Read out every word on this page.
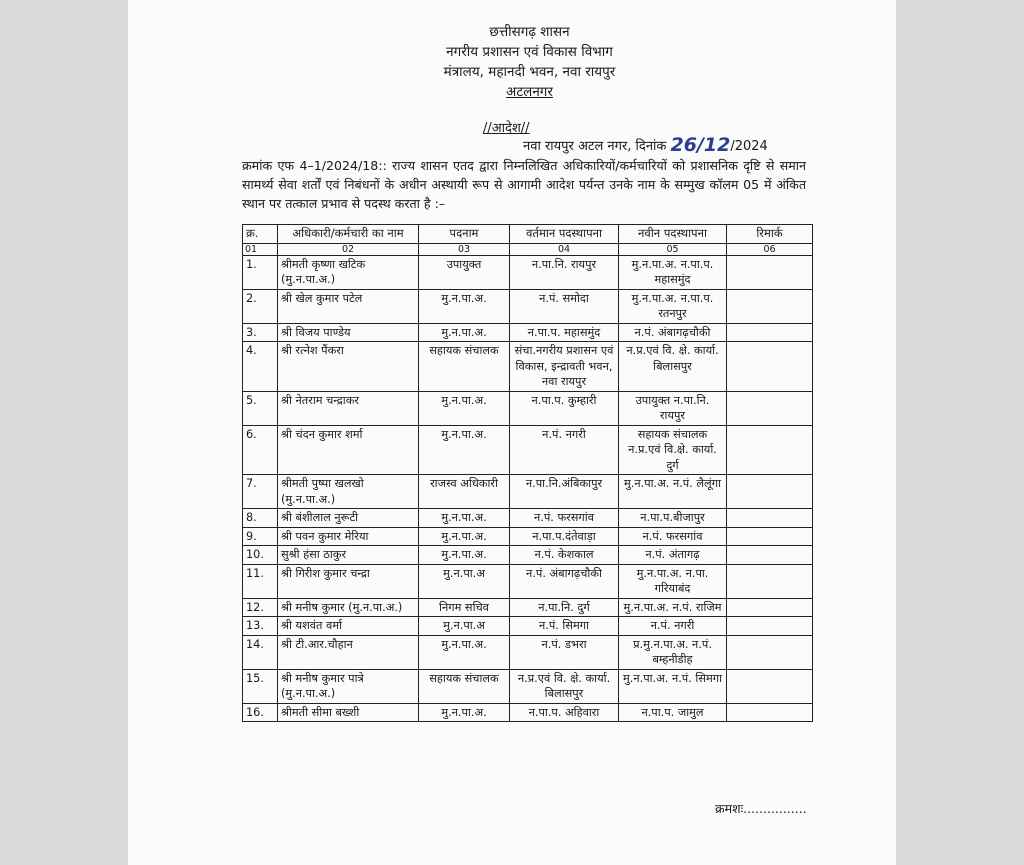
छत्तीसगढ़ शासन
नगरीय प्रशासन एवं विकास विभाग
मंत्रालय, महानदी भवन, नवा रायपुर
अटलनगर
//आदेश//
नवा रायपुर अटल नगर, दिनांक 26/12/2024
क्रमांक एफ 4–1/2024/18:: राज्य शासन एतद द्वारा निम्नलिखित अधिकारियों/कर्मचारियों को प्रशासनिक दृष्टि से समान सामर्थ्य सेवा शर्तों एवं निबंधनों के अधीन अस्थायी रूप से आगामी आदेश पर्यन्त उनके नाम के सम्मुख कॉलम 05 में अंकित स्थान पर तत्काल प्रभाव से पदस्थ करता है :–
क्र.	अधिकारी/कर्मचारी का नाम	पदनाम	वर्तमान पदस्थापना	नवीन पदस्थापना	रिमार्क
01	02	03	04	05	06
1.	श्रीमती कृष्णा खटिक (मु.न.पा.अ.)	उपायुक्त	न.पा.नि. रायपुर	मु.न.पा.अ. न.पा.प. महासमुंद	
2.	श्री खेल कुमार पटेल	मु.न.पा.अ.	न.पं. समोदा	मु.न.पा.अ. न.पा.प. रतनपुर	
3.	श्री विजय पाण्डेय	मु.न.पा.अ.	न.पा.प. महासमुंद	न.पं. अंबागढ़चौकी	
4.	श्री रत्नेश पैंकरा	सहायक संचालक	संचा.नगरीय प्रशासन एवं विकास, इन्द्रावती भवन, नवा रायपुर	न.प्र.एवं वि. क्षे. कार्या. बिलासपुर	
5.	श्री नेतराम चन्द्राकर	मु.न.पा.अ.	न.पा.प. कुम्हारी	उपायुक्त न.पा.नि. रायपुर	
6.	श्री चंदन कुमार शर्मा	मु.न.पा.अ.	न.पं. नगरी	सहायक संचालक न.प्र.एवं वि.क्षे. कार्या. दुर्ग	
7.	श्रीमती पुष्पा खलखो (मु.न.पा.अ.)	राजस्व अधिकारी	न.पा.नि.अंबिकापुर	मु.न.पा.अ. न.पं. लैलूंगा	
8.	श्री बंशीलाल नुरूटी	मु.न.पा.अ.	न.पं. फरसगांव	न.पा.प.बीजापुर	
9.	श्री पवन कुमार मेरिया	मु.न.पा.अ.	न.पा.प.दंतेवाड़ा	न.पं. फरसगांव	
10.	सुश्री हंसा ठाकुर	मु.न.पा.अ.	न.पं. केशकाल	न.पं. अंतागढ़	
11.	श्री गिरीश कुमार चन्द्रा	मु.न.पा.अ	न.पं. अंबागढ़चौकी	मु.न.पा.अ. न.पा. गरियाबंद	
12.	श्री मनीष कुमार (मु.न.पा.अ.)	निगम सचिव	न.पा.नि. दुर्ग	मु.न.पा.अ. न.पं. राजिम	
13.	श्री यशवंत वर्मा	मु.न.पा.अ	न.पं. सिमगा	न.पं. नगरी	
14.	श्री टी.आर.चौहान	मु.न.पा.अ.	न.पं. डभरा	प्र.मु.न.पा.अ. न.पं. बम्हनीडीह	
15.	श्री मनीष कुमार पात्रे (मु.न.पा.अ.)	सहायक संचालक	न.प्र.एवं वि. क्षे. कार्या. बिलासपुर	मु.न.पा.अ. न.पं. सिमगा	
16.	श्रीमती सीमा बख्शी	मु.न.पा.अ.	न.पा.प. अहिवारा	न.पा.प. जामुल	
क्रमशः................
